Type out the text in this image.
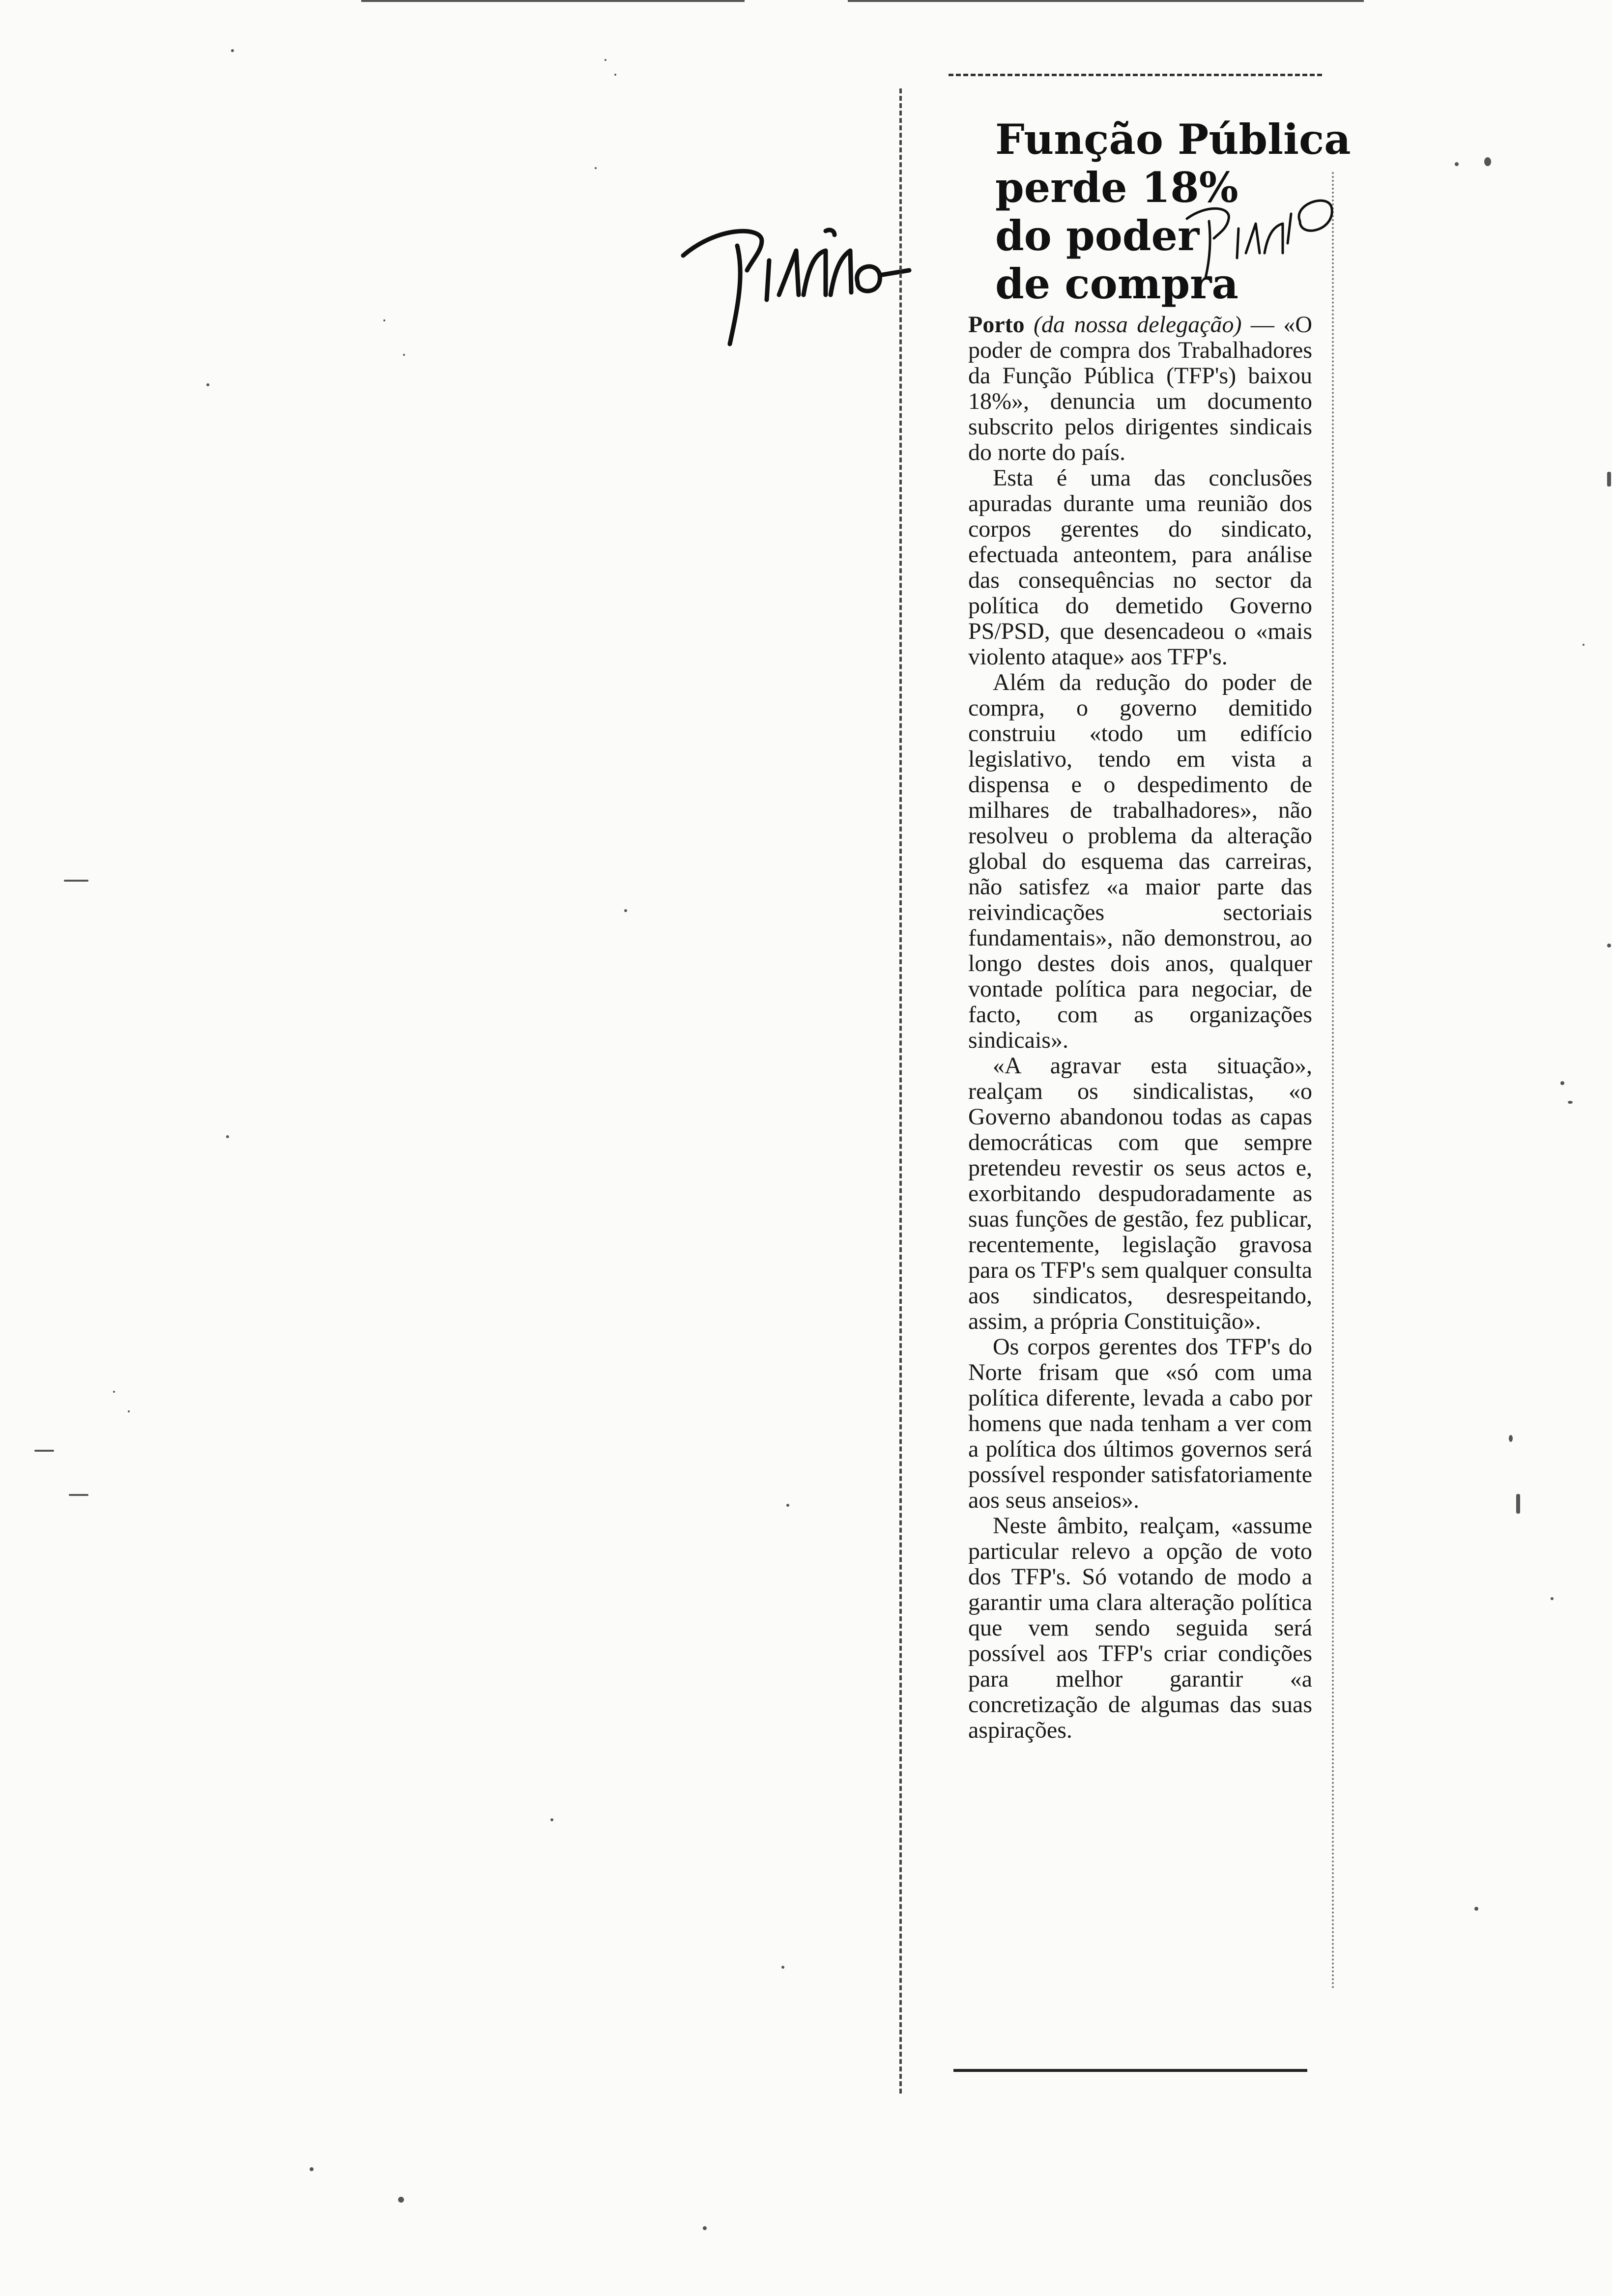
Função Pública
perde 18%
do poder
de compra

Porto (da nossa delegação) — «O poder de compra dos Trabalhadores da Função Pública (TFP's) baixou 18%», denuncia um documento subscrito pelos dirigentes sindicais do norte do país.

Esta é uma das conclusões apuradas durante uma reunião dos corpos gerentes do sindicato, efectuada anteontem, para análise das consequências no sector da política do demetido Governo PS/PSD, que desencadeou o «mais violento ataque» aos TFP's.

Além da redução do poder de compra, o governo demitido construiu «todo um edifício legislativo, tendo em vista a dispensa e o despedimento de milhares de trabalhadores», não resolveu o problema da alteração global do esquema das carreiras, não satisfez «a maior parte das reivindicações sectoriais fundamentais», não demonstrou, ao longo destes dois anos, qualquer vontade política para negociar, de facto, com as organizações sindicais».

«A agravar esta situação», realçam os sindicalistas, «o Governo abandonou todas as capas democráticas com que sempre pretendeu revestir os seus actos e, exorbitando despudoradamente as suas funções de gestão, fez publicar, recentemente, legislação gravosa para os TFP's sem qualquer consulta aos sindicatos, desrespeitando, assim, a própria Constituição».

Os corpos gerentes dos TFP's do Norte frisam que «só com uma política diferente, levada a cabo por homens que nada tenham a ver com a política dos últimos governos será possível responder satisfatoriamente aos seus anseios».

Neste âmbito, realçam, «assume particular relevo a opção de voto dos TFP's. Só votando de modo a garantir uma clara alteração política que vem sendo seguida será possível aos TFP's criar condições para melhor garantir «a concretização de algumas das suas aspirações.
